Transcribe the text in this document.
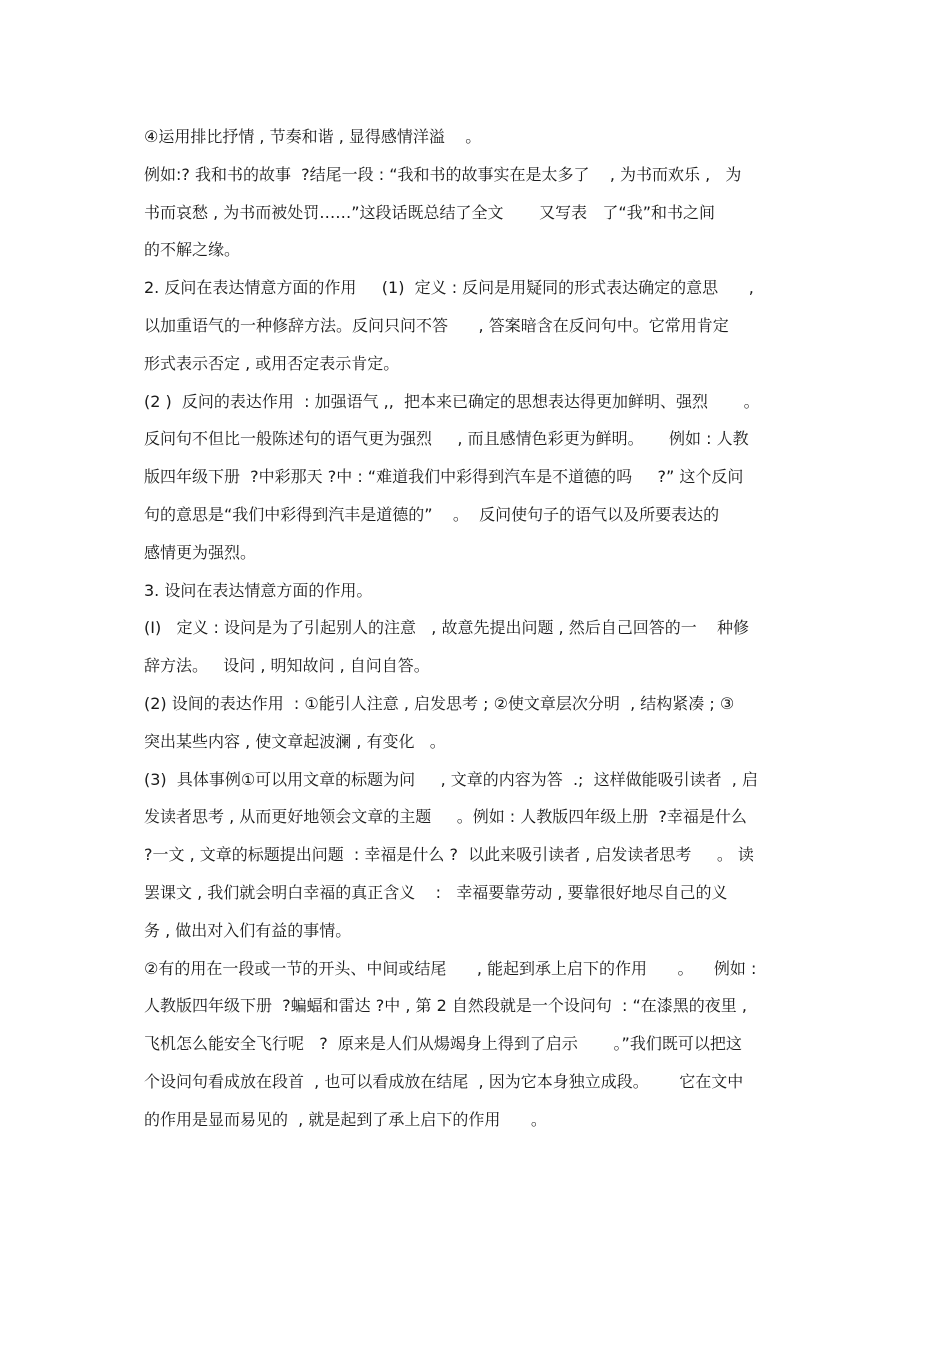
④运用排比抒情 , 节奏和谐 , 显得感情洋溢    。
例如:? 我和书的故事  ?结尾一段 : “我和书的故事实在是太多了    , 为书而欢乐 ,   为
书而哀愁 , 为书而被处罚……”这段话既总结了全文       又写表   了“我”和书之间
的不解之缘。
2. 反问在表达情意方面的作用     (1)  定义 : 反问是用疑同的形式表达确定的意思      ,
以加重语气的一种修辞方法。反问只问不答      , 答案暗含在反问句中。它常用肯定
形式表示否定 , 或用否定表示肯定。
(2 )  反问的表达作用  : 加强语气 ,,  把本来已确定的思想表达得更加鲜明、强烈       。
反问句不但比一般陈述句的语气更为强烈     , 而且感情色彩更为鲜明。     例如 : 人教
版四年级下册  ?中彩那天 ?中 : “难道我们中彩得到汽车是不道德的吗     ?” 这个反问
句的意思是“我们中彩得到汽丰是道德的”    。  反问使句子的语气以及所要表达的
感情更为强烈。
3. 设问在表达情意方面的作用。
(I)   定义 : 设问是为了引起别人的注意   , 故意先提出问题 , 然后自己回答的一    种修
辞方法。   设问 , 明知故问 , 自问自答。
(2) 设间的表达作用  : ①能引人注意 , 启发思考 ; ②使文章层次分明  , 结构紧凑 ; ③
突出某些内容 , 使文章起波澜 , 有变化   。
(3)  具体事例①可以用文章的标题为问     , 文章的内容为答  .;  这样做能吸引读者  , 启
发读者思考 , 从而更好地领会文章的主题     。例如 : 人教版四年级上册  ?幸福是什么
?一文 , 文章的标题提出问题  : 幸福是什么 ?  以此来吸引读者 , 启发读者思考     。 读
罢课文 , 我们就会明白幸福的真正含义    :   幸福要靠劳动 , 要靠很好地尽自己的义
务 , 做出对入们有益的事情。
②有的用在一段或一节的开头、中间或结尾      , 能起到承上启下的作用      。    例如 :
人教版四年级下册  ?蝙蝠和雷达 ?中 , 第 2 自然段就是一个设问句  : “在漆黑的夜里 ,
飞机怎么能安全飞行呢   ?  原来是人们从煬竭身上得到了启示       。”我们既可以把这
个设问句看成放在段首  , 也可以看成放在结尾  , 因为它本身独立成段。      它在文中
的作用是显而易见的  , 就是起到了承上启下的作用      。
